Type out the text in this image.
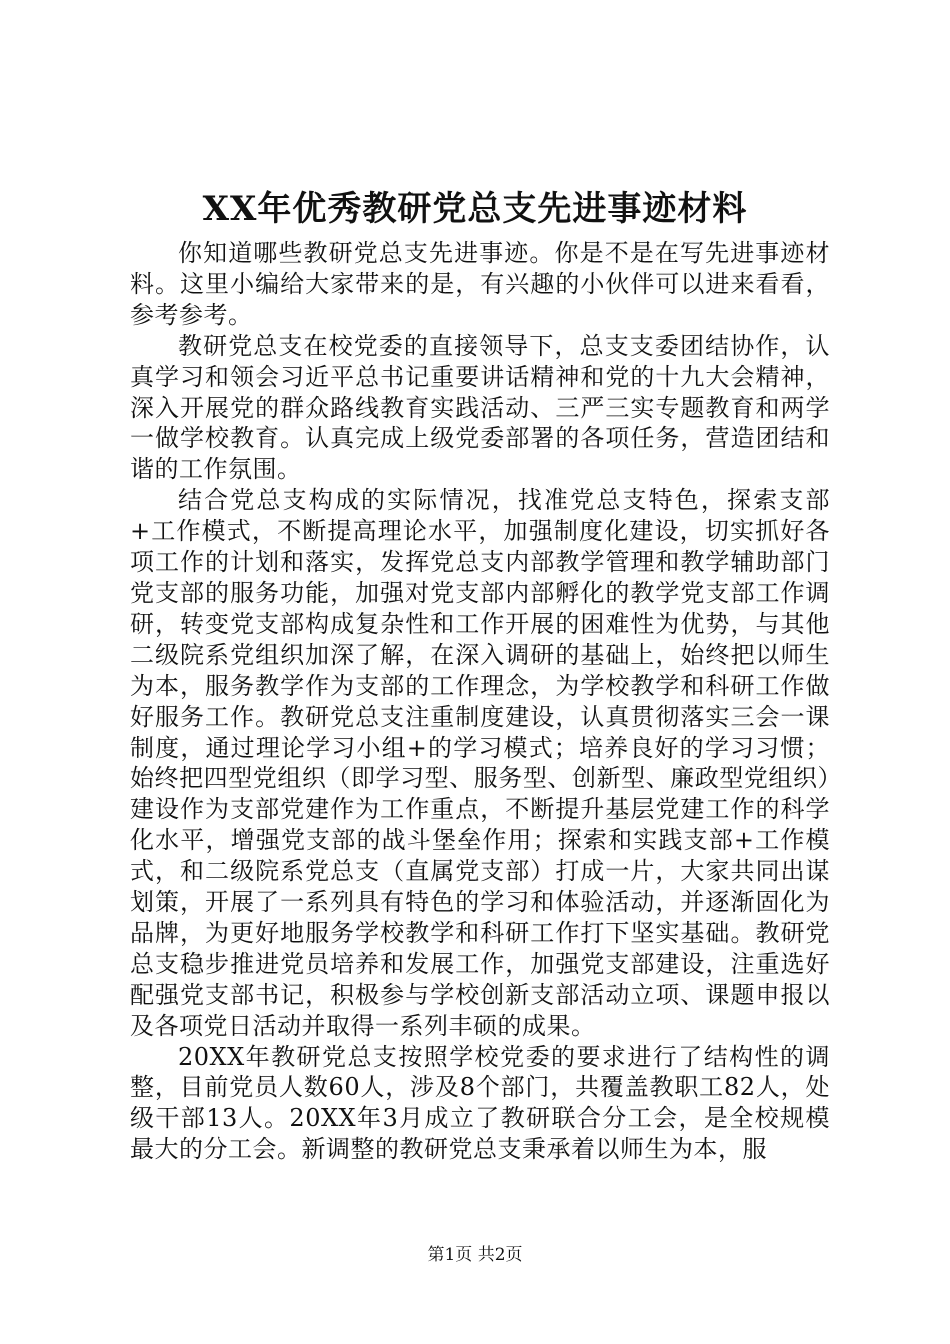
XX年优秀教研党总支先进事迹材料

你知道哪些教研党总支先进事迹。你是不是在写先进事迹材料。这里小编给大家带来的是，有兴趣的小伙伴可以进来看看，参考参考。

教研党总支在校党委的直接领导下，总支支委团结协作，认真学习和领会习近平总书记重要讲话精神和党的十九大会精神，深入开展党的群众路线教育实践活动、三严三实专题教育和两学一做学校教育。认真完成上级党委部署的各项任务，营造团结和谐的工作氛围。

结合党总支构成的实际情况，找准党总支特色，探索支部+工作模式，不断提高理论水平，加强制度化建设，切实抓好各项工作的计划和落实，发挥党总支内部教学管理和教学辅助部门党支部的服务功能，加强对党支部内部孵化的教学党支部工作调研，转变党支部构成复杂性和工作开展的困难性为优势，与其他二级院系党组织加深了解，在深入调研的基础上，始终把以师生为本，服务教学作为支部的工作理念，为学校教学和科研工作做好服务工作。教研党总支注重制度建设，认真贯彻落实三会一课制度，通过理论学习小组+的学习模式；培养良好的学习习惯；始终把四型党组织（即学习型、服务型、创新型、廉政型党组织）建设作为支部党建作为工作重点，不断提升基层党建工作的科学化水平，增强党支部的战斗堡垒作用；探索和实践支部+工作模式，和二级院系党总支（直属党支部）打成一片，大家共同出谋划策，开展了一系列具有特色的学习和体验活动，并逐渐固化为品牌，为更好地服务学校教学和科研工作打下坚实基础。教研党总支稳步推进党员培养和发展工作，加强党支部建设，注重选好配强党支部书记，积极参与学校创新支部活动立项、课题申报以及各项党日活动并取得一系列丰硕的成果。

20XX年教研党总支按照学校党委的要求进行了结构性的调整，目前党员人数60人，涉及8个部门，共覆盖教职工82人，处级干部13人。20XX年3月成立了教研联合分工会，是全校规模最大的分工会。新调整的教研党总支秉承着以师生为本，服

第1页 共2页
